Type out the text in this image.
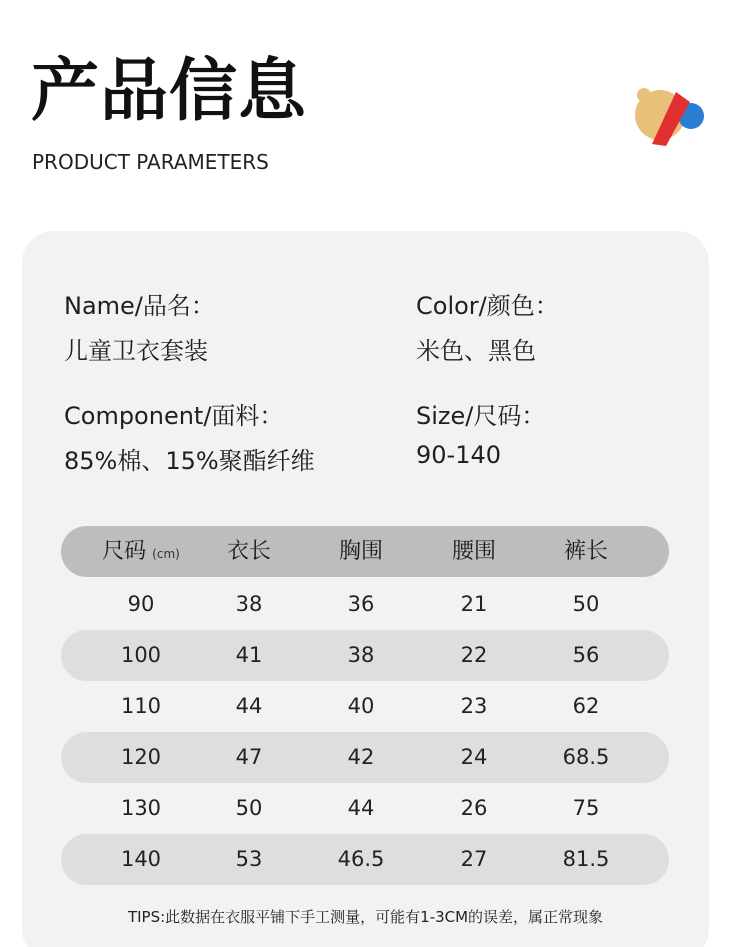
产品信息
PRODUCT PARAMETERS
Name/品名：
儿童卫衣套装
Color/颜色：
米色、黑色
Component/面料：
85%棉、15%聚酯纤维
Size/尺码：
90-140
尺码 (cm)	衣长	胸围	腰围	裤长
90	38	36	21	50
100	41	38	22	56
110	44	40	23	62
120	47	42	24	68.5
130	50	44	26	75
140	53	46.5	27	81.5
TIPS:此数据在衣服平铺下手工测量，可能有1-3CM的误差，属正常现象
